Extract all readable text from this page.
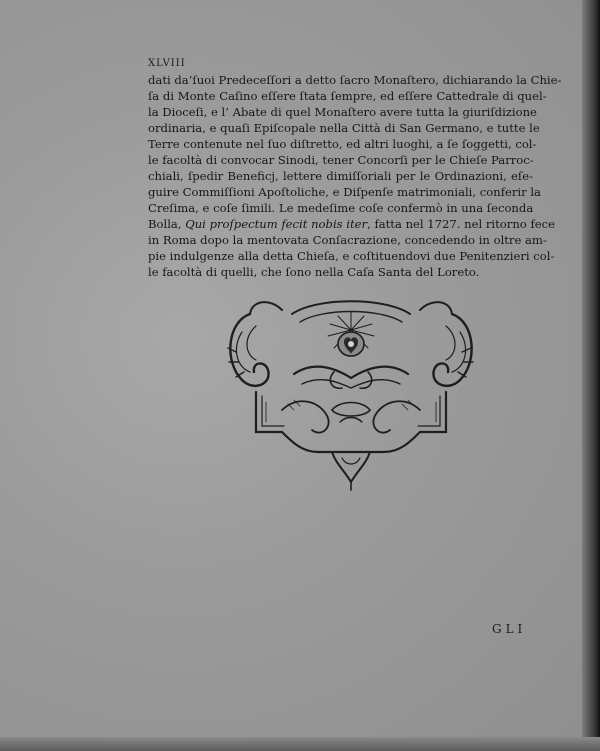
XLVIII
dati da’ſuoi Predeceſſori a detto ſacro Monaſtero, dichiarando la Chie-
ſa di Monte Caſino eſſere ſtata ſempre, ed eſſere Cattedrale di quel-
la Dioceſi, e l’ Abate di quel Monaſtero avere tutta la giuriſdizione
ordinaria, e quaſi Epiſcopale nella Città di San Germano, e tutte le
Terre contenute nel ſuo diſtretto, ed altri luoghi, a ſe ſoggetti, col-
le facoltà di convocar Sinodi, tener Concorſi per le Chieſe Parroc-
chiali, ſpedir Beneficj, lettere dimiſſoriali per le Ordinazioni, eſe-
guire Commiſſioni Apoſtoliche, e Diſpenſe matrimoniali, conferir la
Creſima, e coſe ſimili. Le medeſime coſe confermò in una ſeconda
Bolla, Qui proſpectum fecit nobis iter, fatta nel 1727. nel ritorno fece
in Roma dopo la mentovata Conſacrazione, concedendo in oltre am-
pie indulgenze alla detta Chieſa, e coſtituendovi due Penitenzieri col-
le facoltà di quelli, che ſono nella Caſa Santa del Loreto.
GLI
